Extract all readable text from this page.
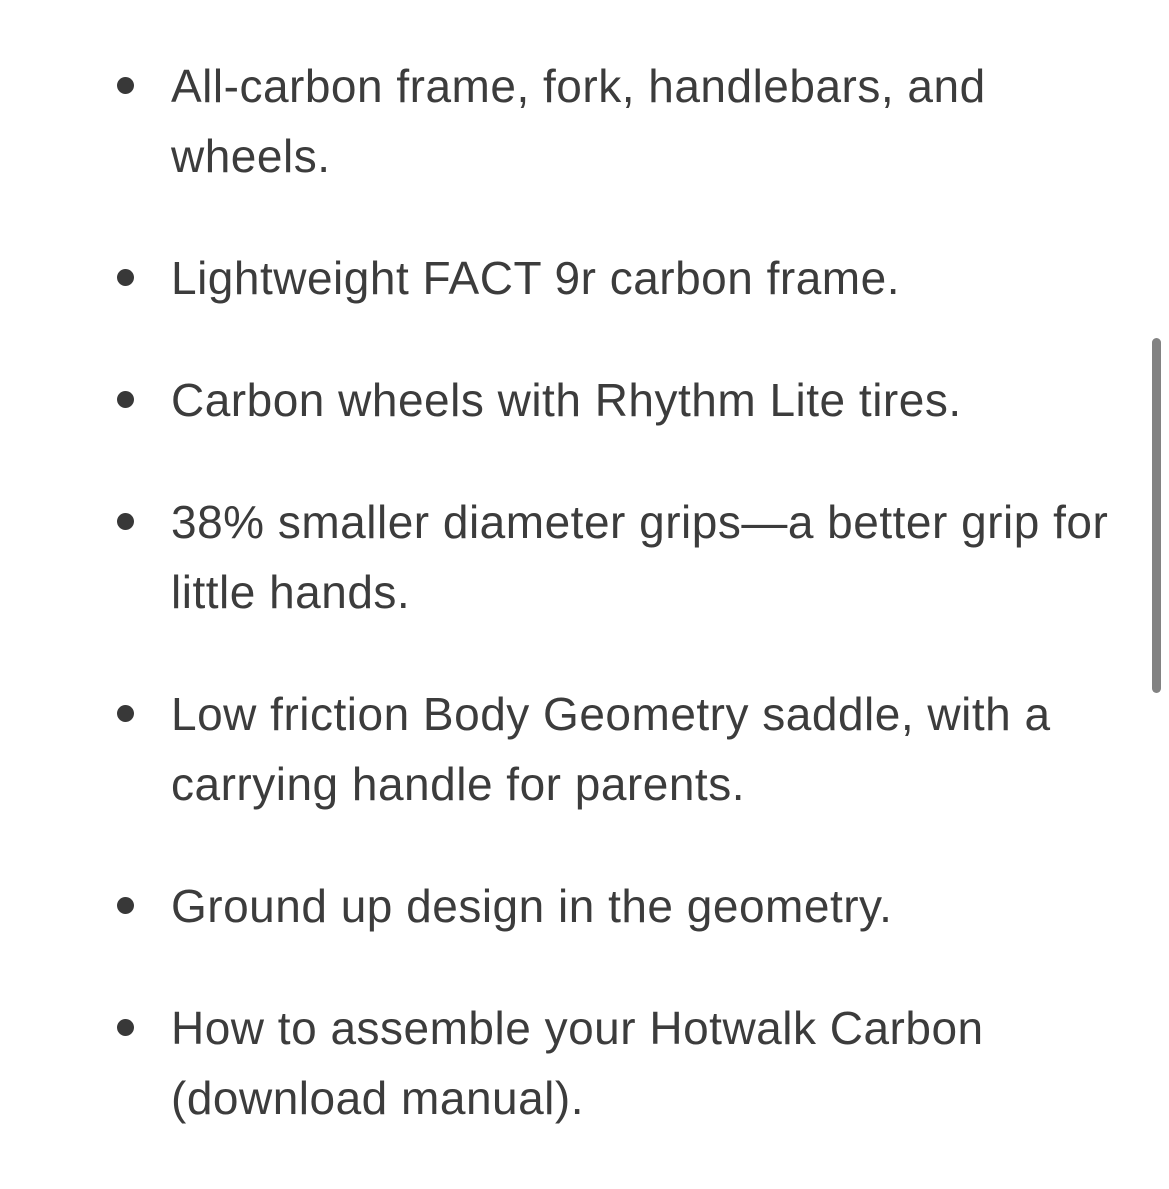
All-carbon frame, fork, handlebars, and
wheels.
Lightweight FACT 9r carbon frame.
Carbon wheels with Rhythm Lite tires.
38% smaller diameter grips—a better grip for
little hands.
Low friction Body Geometry saddle, with a
carrying handle for parents.
Ground up design in the geometry.
How to assemble your Hotwalk Carbon
(download manual).
